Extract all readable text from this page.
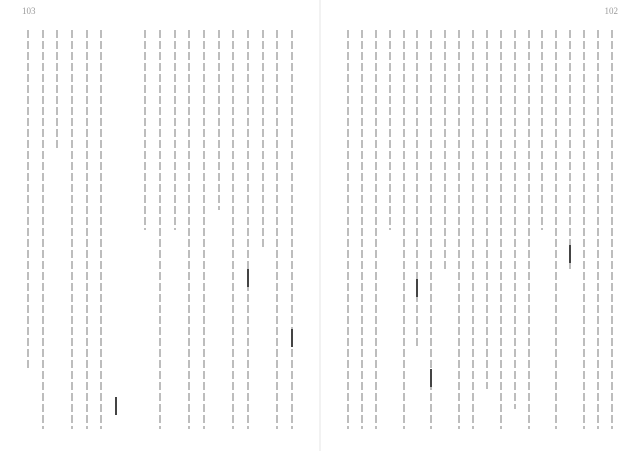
103	102
